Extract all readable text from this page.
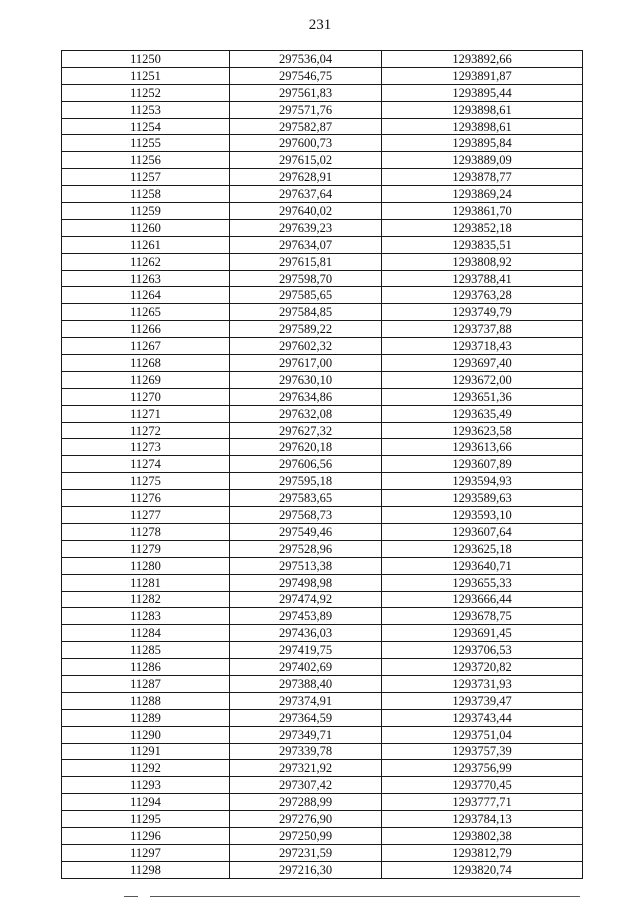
231
11250	297536,04	1293892,66
11251	297546,75	1293891,87
11252	297561,83	1293895,44
11253	297571,76	1293898,61
11254	297582,87	1293898,61
11255	297600,73	1293895,84
11256	297615,02	1293889,09
11257	297628,91	1293878,77
11258	297637,64	1293869,24
11259	297640,02	1293861,70
11260	297639,23	1293852,18
11261	297634,07	1293835,51
11262	297615,81	1293808,92
11263	297598,70	1293788,41
11264	297585,65	1293763,28
11265	297584,85	1293749,79
11266	297589,22	1293737,88
11267	297602,32	1293718,43
11268	297617,00	1293697,40
11269	297630,10	1293672,00
11270	297634,86	1293651,36
11271	297632,08	1293635,49
11272	297627,32	1293623,58
11273	297620,18	1293613,66
11274	297606,56	1293607,89
11275	297595,18	1293594,93
11276	297583,65	1293589,63
11277	297568,73	1293593,10
11278	297549,46	1293607,64
11279	297528,96	1293625,18
11280	297513,38	1293640,71
11281	297498,98	1293655,33
11282	297474,92	1293666,44
11283	297453,89	1293678,75
11284	297436,03	1293691,45
11285	297419,75	1293706,53
11286	297402,69	1293720,82
11287	297388,40	1293731,93
11288	297374,91	1293739,47
11289	297364,59	1293743,44
11290	297349,71	1293751,04
11291	297339,78	1293757,39
11292	297321,92	1293756,99
11293	297307,42	1293770,45
11294	297288,99	1293777,71
11295	297276,90	1293784,13
11296	297250,99	1293802,38
11297	297231,59	1293812,79
11298	297216,30	1293820,74
